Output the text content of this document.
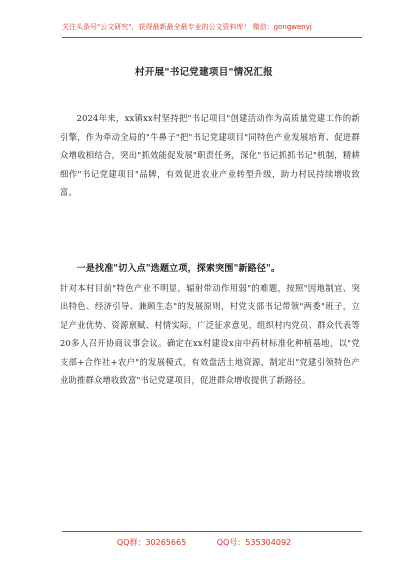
关注头条号"公文研究"，获得最新最全最专业的公文资料库！ 微信：gongwenyj
村开展"书记党建项目"情况汇报
2024年来，xx镇xx村坚持把"书记项目"创建活动作为高质量党建工作的新引擎，作为牵动全局的"牛鼻子"把"书记党建项目"同特色产业发展培育、促进群众增收相结合，突出"抓效能促发展"职责任务，深化"书记抓抓书记"机制，精耕细作"书记党建项目"品牌，有效促进农业产业转型升级，助力村民持续增收致富。
一是找准"切入点"选题立项，探索突围"新路径"。
针对本村目前"特色产业不明显，辐射带动作用弱"的难题，按照"因地制宜、突出特色、经济引导、兼顾生态"的发展原则，村党支部书记带领"两委"班子，立足产业优势、资源禀赋、村情实际，广泛征求意见，组织村内党员、群众代表等20多人召开协商议事会议。确定在xx村建设x亩中药材标准化种植基地，以"党支部+合作社+农户"的发展模式，有效盘活土地资源，制定出"党建引领特色产业助推群众增收致富"书记党建项目，促进群众增收提供了新路径。
QQ群：30265665	QQ号：535304092
